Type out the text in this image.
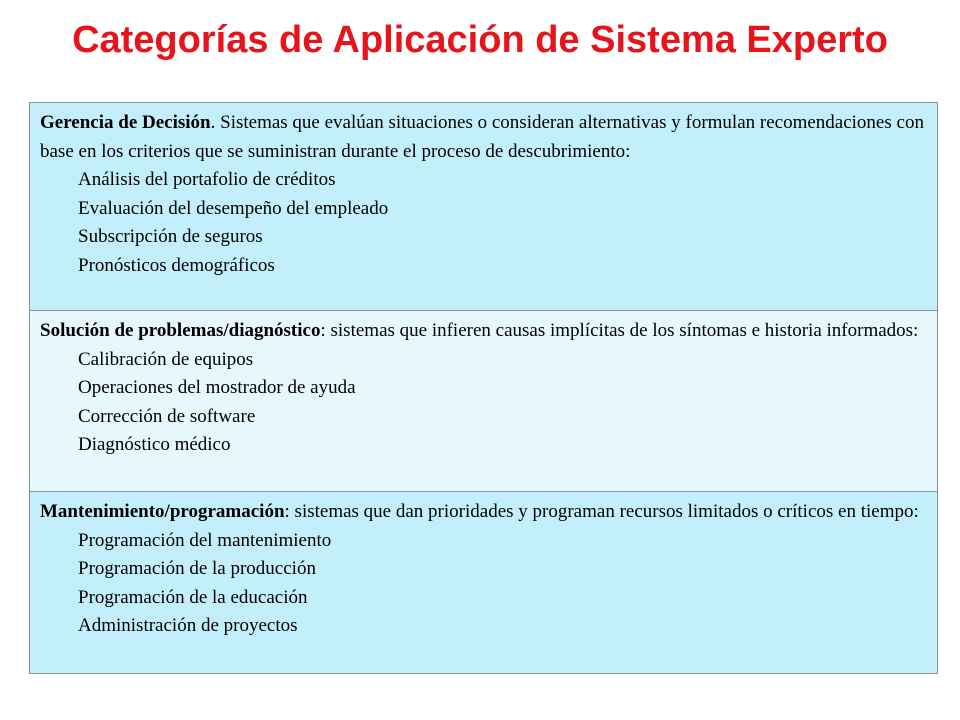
Categorías de Aplicación de Sistema Experto

Gerencia de Decisión. Sistemas que evalúan situaciones o consideran alternativas y formulan recomendaciones con base en los criterios que se suministran durante el proceso de descubrimiento:

Análisis del portafolio de créditos
Evaluación del desempeño del empleado
Subscripción de seguros
Pronósticos demográficos

Solución de problemas/diagnóstico: sistemas que infieren causas implícitas de los síntomas e historia informados:

Calibración de equipos
Operaciones del mostrador de ayuda
Corrección de software
Diagnóstico médico

Mantenimiento/programación: sistemas que dan prioridades y programan recursos limitados o críticos en tiempo:

Programación del mantenimiento
Programación de la producción
Programación de la educación
Administración de proyectos
